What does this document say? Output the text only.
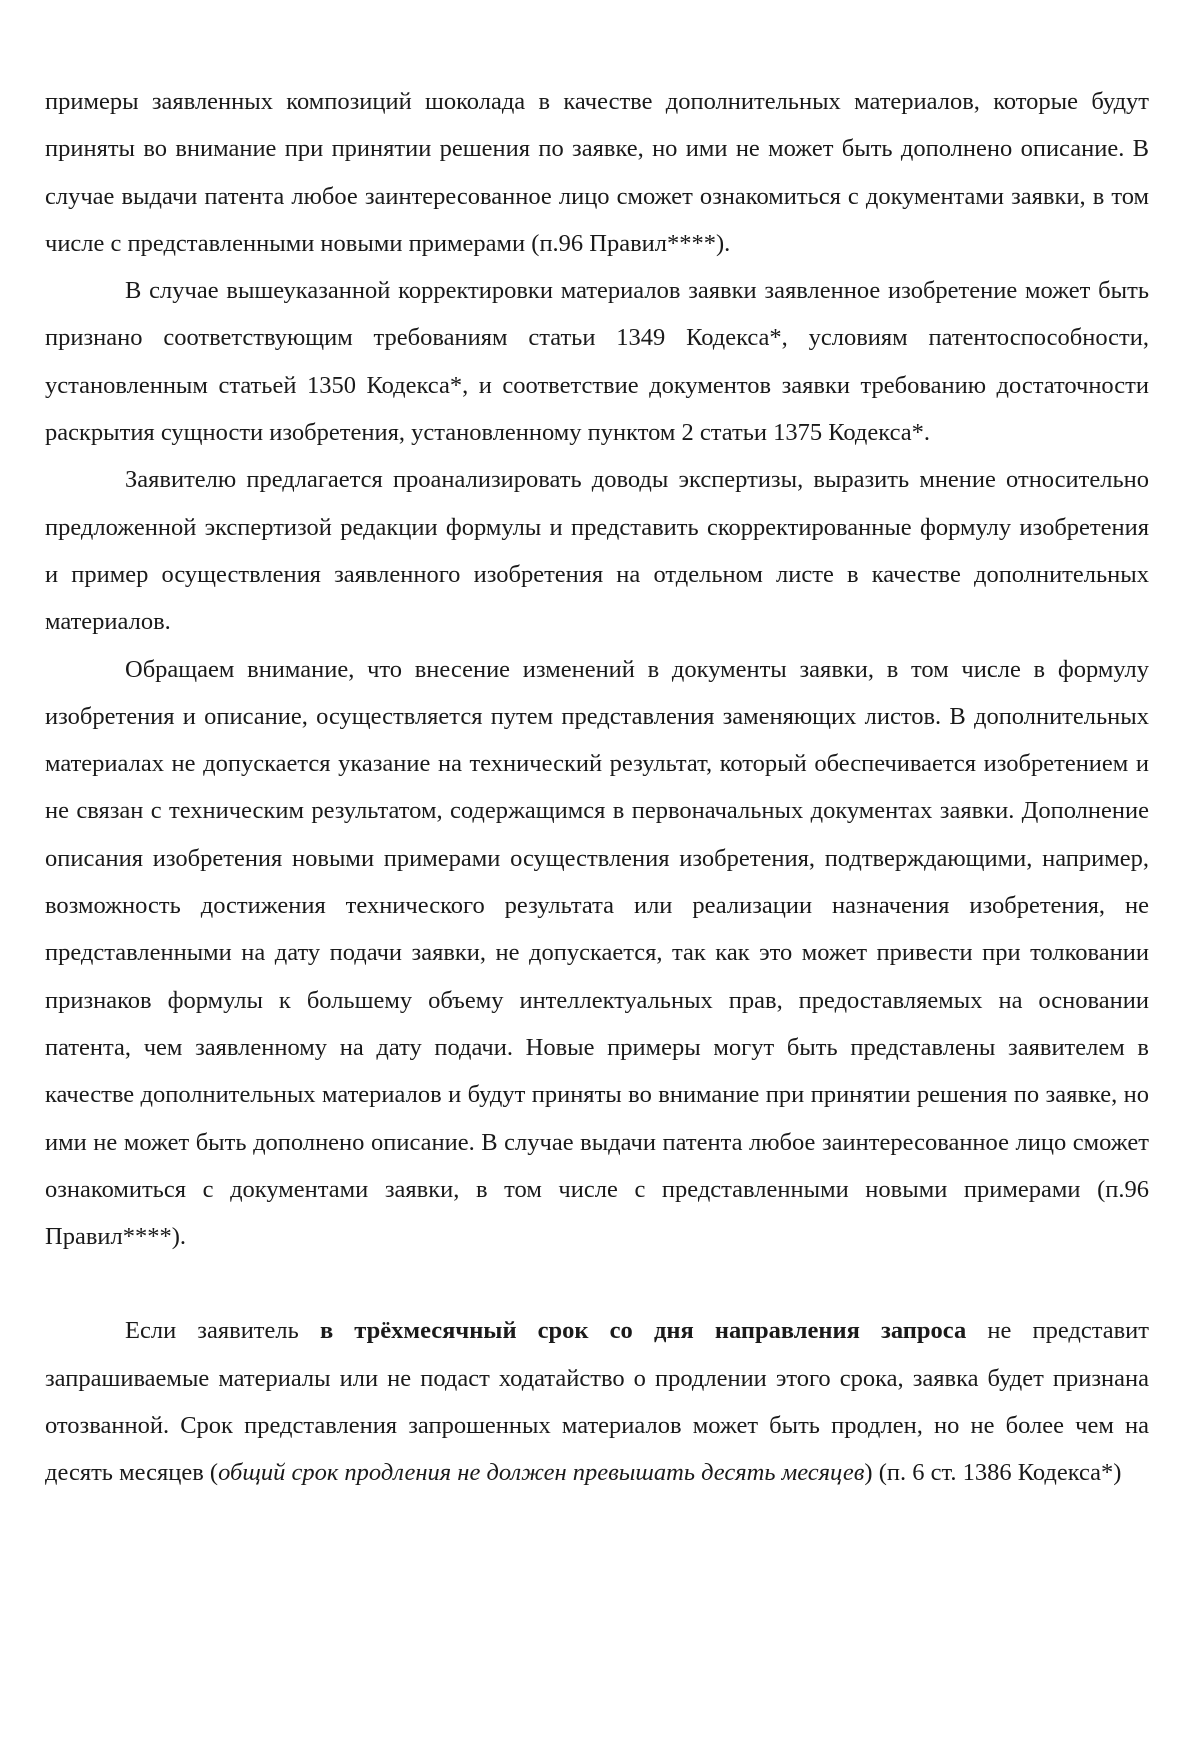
примеры заявленных композиций шоколада в качестве дополнительных материалов, которые будут приняты во внимание при принятии решения по заявке, но ими не может быть дополнено описание. В случае выдачи патента любое заинтересованное лицо сможет ознакомиться с документами заявки, в том числе с представленными новыми примерами (п.96 Правил****).

В случае вышеуказанной корректировки материалов заявки заявленное изобретение может быть признано соответствующим требованиям статьи 1349 Кодекса*, условиям патентоспособности, установленным статьей 1350 Кодекса*, и соответствие документов заявки требованию достаточности раскрытия сущности изобретения, установленному пунктом 2 статьи 1375 Кодекса*.

Заявителю предлагается проанализировать доводы экспертизы, выразить мнение относительно предложенной экспертизой редакции формулы и представить скорректированные формулу изобретения и пример осуществления заявленного изобретения на отдельном листе в качестве дополнительных материалов.

Обращаем внимание, что внесение изменений в документы заявки, в том числе в формулу изобретения и описание, осуществляется путем представления заменяющих листов. В дополнительных материалах не допускается указание на технический результат, который обеспечивается изобретением и не связан с техническим результатом, содержащимся в первоначальных документах заявки. Дополнение описания изобретения новыми примерами осуществления изобретения, подтверждающими, например, возможность достижения технического результата или реализации назначения изобретения, не представленными на дату подачи заявки, не допускается, так как это может привести при толковании признаков формулы к большему объему интеллектуальных прав, предоставляемых на основании патента, чем заявленному на дату подачи. Новые примеры могут быть представлены заявителем в качестве дополнительных материалов и будут приняты во внимание при принятии решения по заявке, но ими не может быть дополнено описание. В случае выдачи патента любое заинтересованное лицо сможет ознакомиться с документами заявки, в том числе с представленными новыми примерами (п.96 Правил****).

Если заявитель в трёхмесячный срок со дня направления запроса не представит запрашиваемые материалы или не подаст ходатайство о продлении этого срока, заявка будет признана отозванной. Срок представления запрошенных материалов может быть продлен, но не более чем на десять месяцев (общий срок продления не должен превышать десять месяцев) (п. 6 ст. 1386 Кодекса*)
